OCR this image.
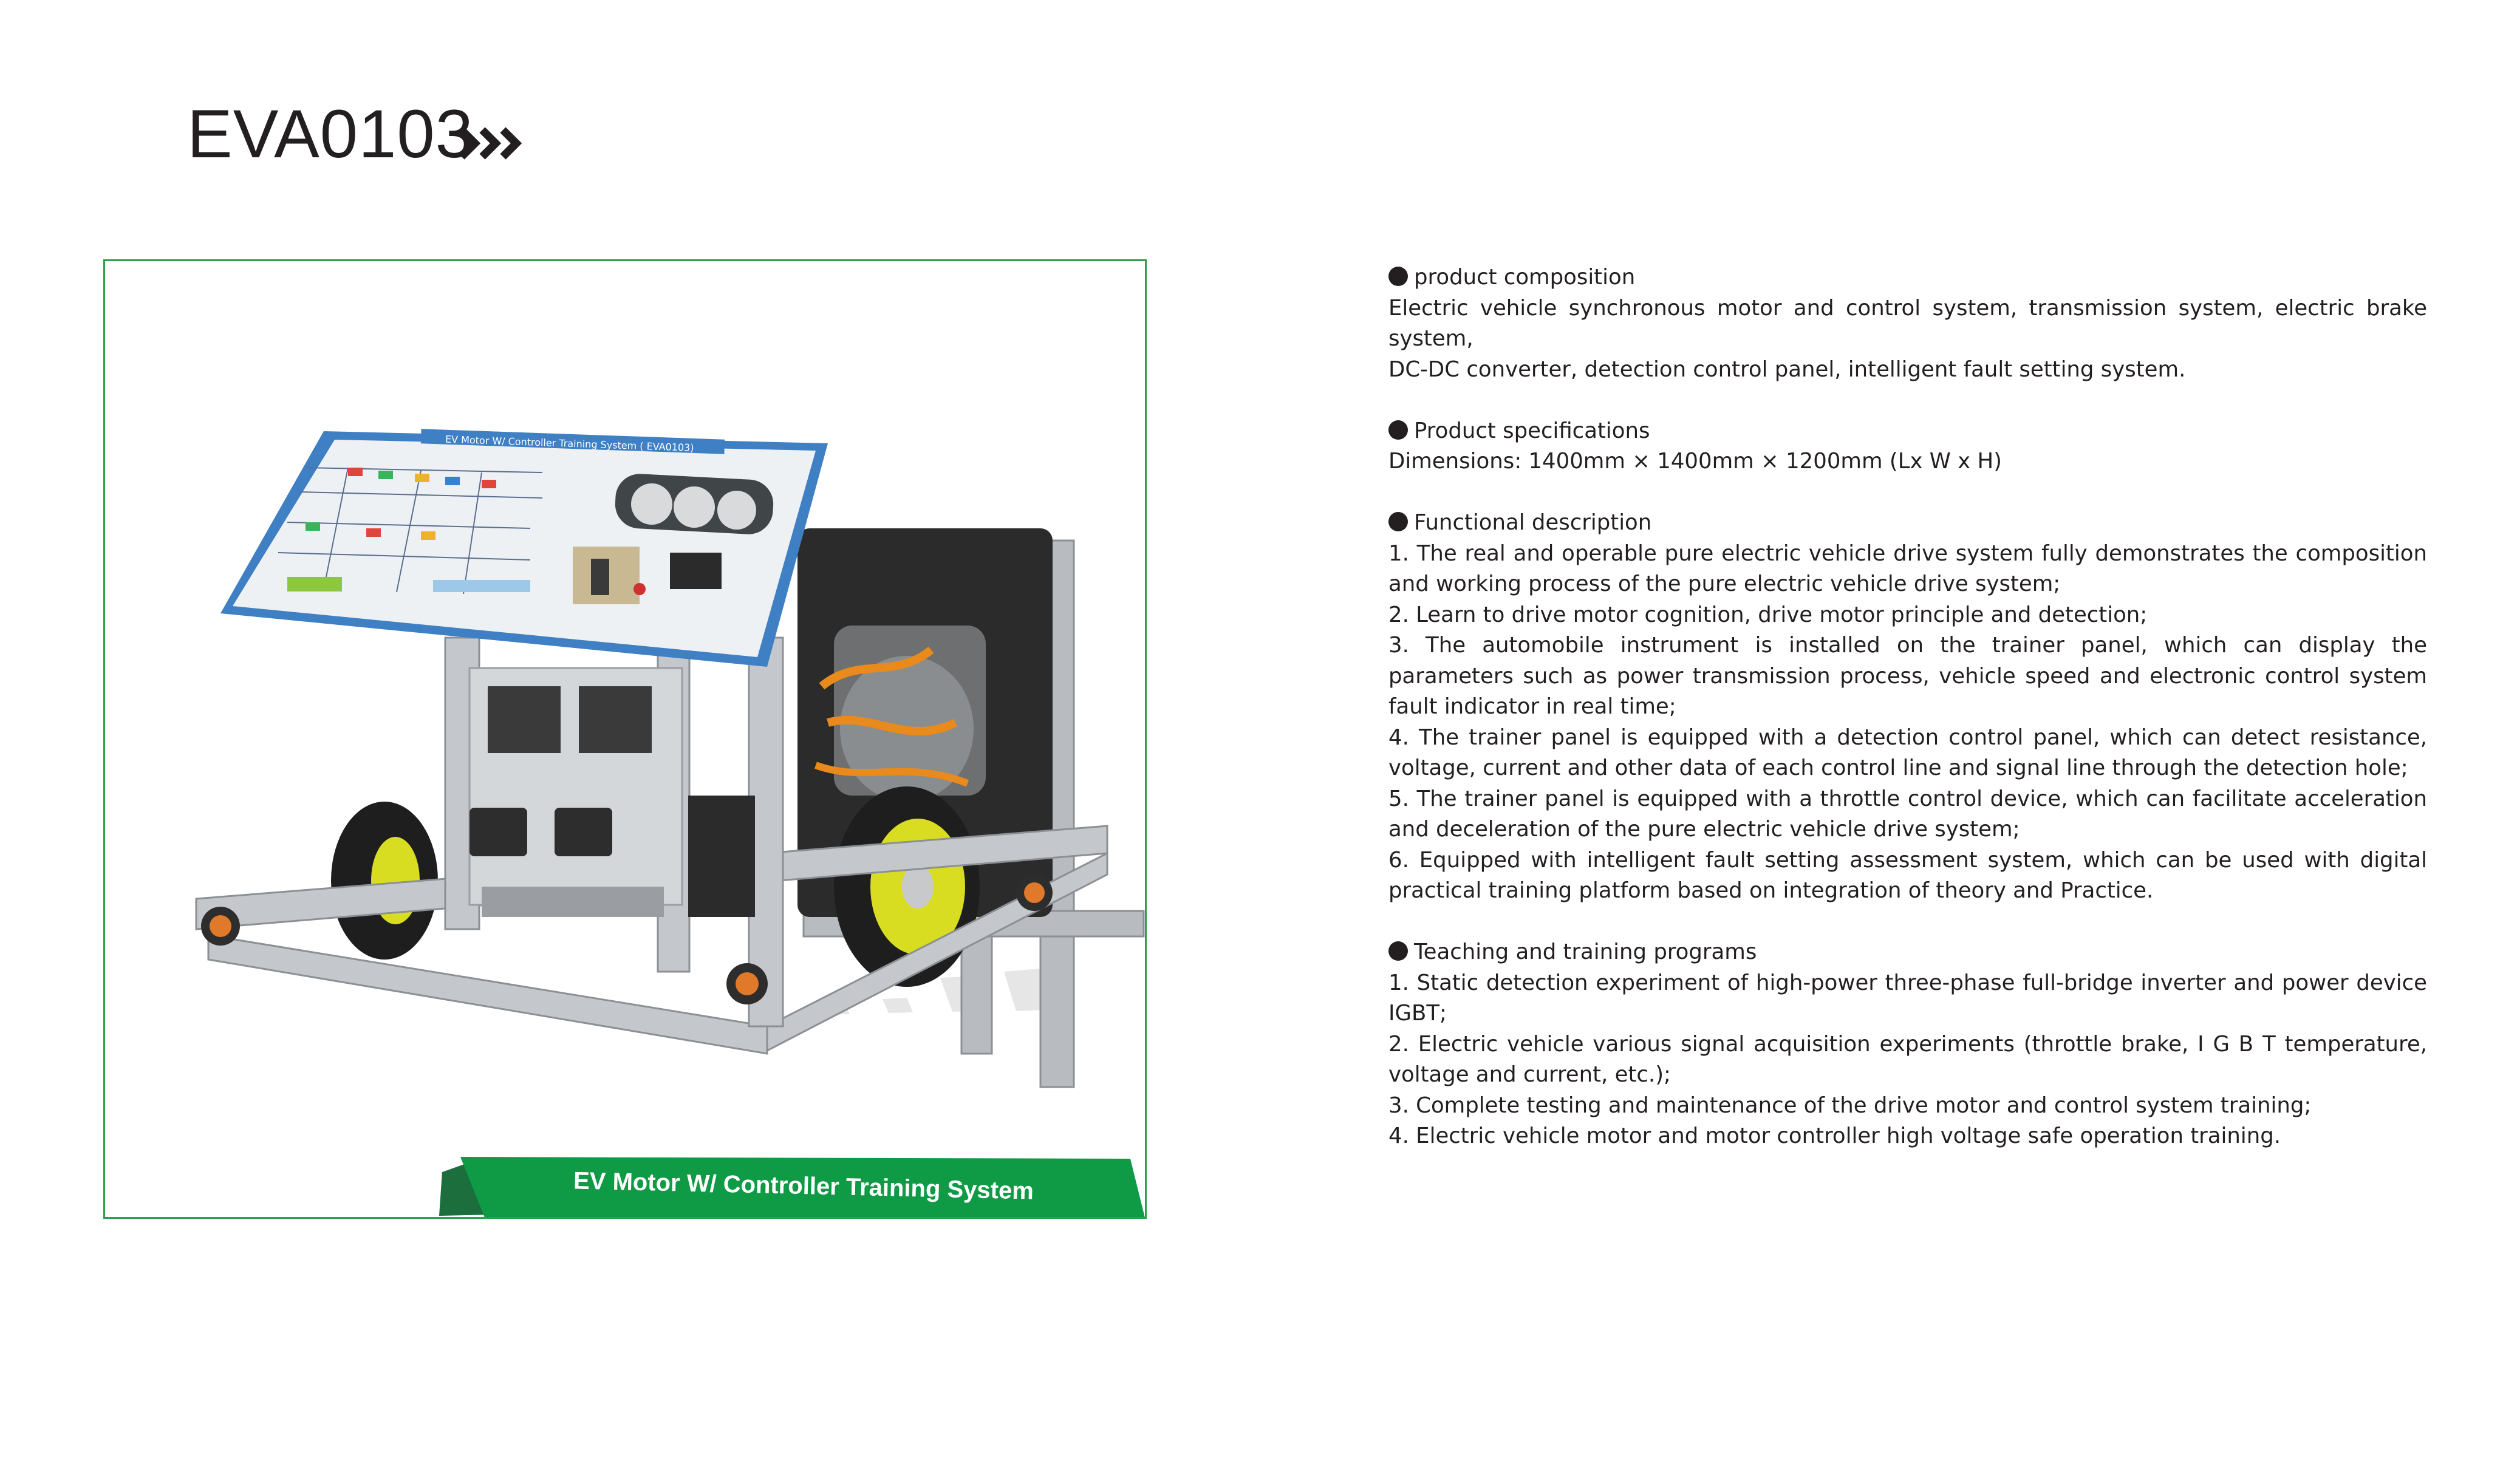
EVA0103
EV Motor W/ Controller Training System ( EVA0103)
EV Motor W/ Controller Training System

product composition

Electric vehicle synchronous motor and control system, transmission system, electric brake system,

DC-DC converter, detection control panel, intelligent fault setting system.

Product specifications

Dimensions: 1400mm × 1400mm × 1200mm (Lx W x H)

Functional description

1. The real and operable pure electric vehicle drive system fully demonstrates the composition and working process of the pure electric vehicle drive system;

2. Learn to drive motor cognition, drive motor principle and detection;

3. The automobile instrument is installed on the trainer panel, which can display the parameters such as power transmission process, vehicle speed and electronic control system fault indicator in real time;

4. The trainer panel is equipped with a detection control panel, which can detect resistance, voltage, current and other data of each control line and signal line through the detection hole;

5. The trainer panel is equipped with a throttle control device, which can facilitate acceleration and deceleration of the pure electric vehicle drive system;

6. Equipped with intelligent fault setting assessment system, which can be used with digital practical training platform based on integration of theory and Practice.

Teaching and training programs

1. Static detection experiment of high-power three-phase full-bridge inverter and power device IGBT;

2. Electric vehicle various signal acquisition experiments (throttle brake, I G B T temperature, voltage and current, etc.);

3. Complete testing and maintenance of the drive motor and control system training;

4. Electric vehicle motor and motor controller high voltage safe operation training.
